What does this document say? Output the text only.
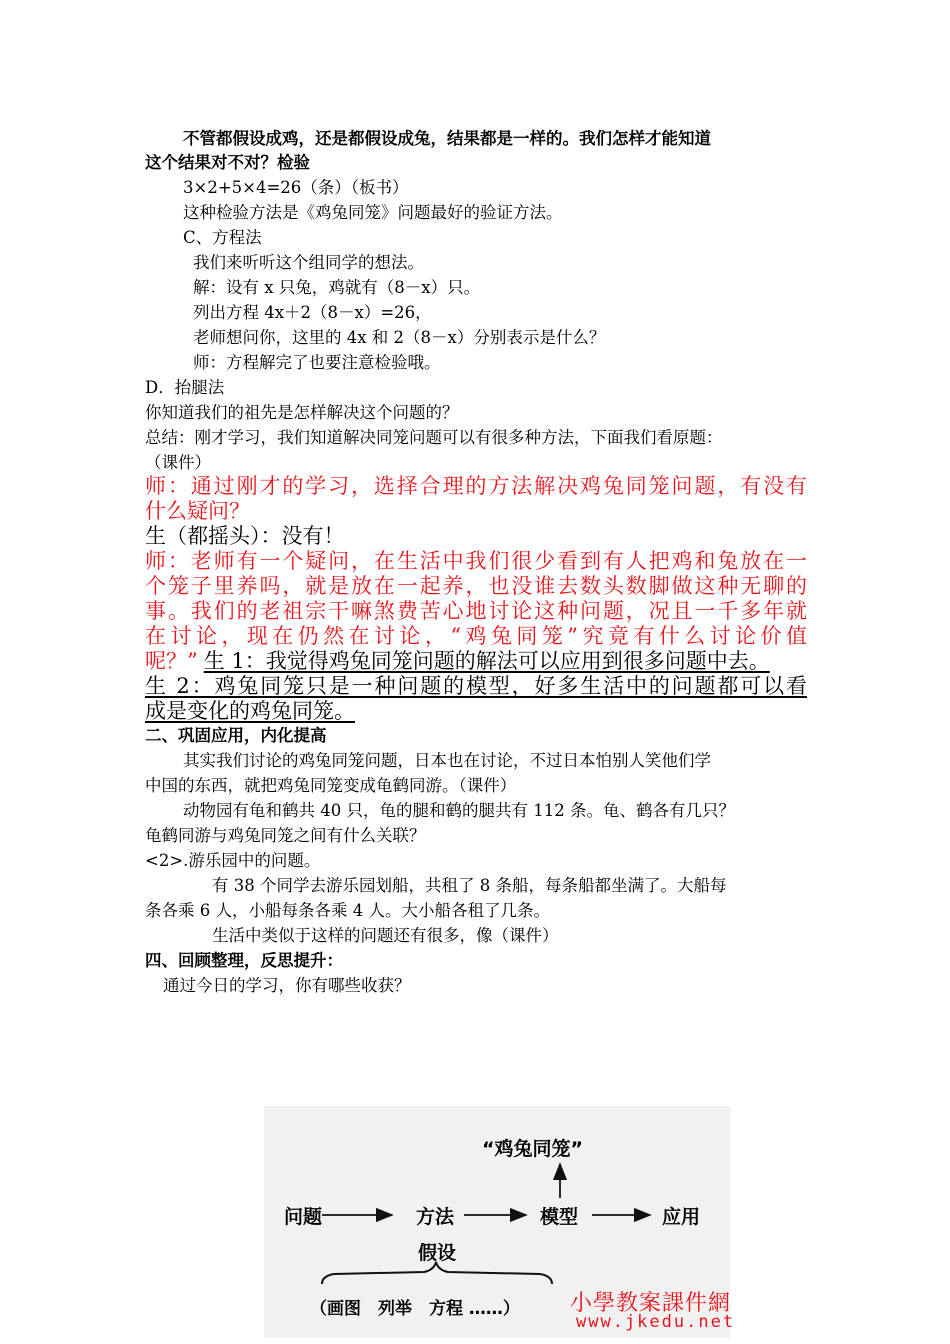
不管都假设成鸡，还是都假设成兔，结果都是一样的。我们怎样才能知道
这个结果对不对？检验
3×2+5×4=26（条）（板书）
这种检验方法是《鸡兔同笼》问题最好的验证方法。
C、方程法
我们来听听这个组同学的想法。
解：设有 x 只兔，鸡就有（8－x）只。
列出方程 4x＋2（8－x）=26，
老师想问你，这里的 4x 和 2（8－x）分别表示是什么？
师：方程解完了也要注意检验哦。
D．抬腿法
你知道我们的祖先是怎样解决这个问题的？
总结：刚才学习，我们知道解决同笼问题可以有很多种方法，下面我们看原题：
（课件）
师：通过刚才的学习，选择合理的方法解决鸡兔同笼问题，有没有
什么疑问？
生（都摇头）：没有！
师：老师有一个疑问，在生活中我们很少看到有人把鸡和兔放在一
个笼子里养吗，就是放在一起养，也没谁去数头数脚做这种无聊的
事。我们的老祖宗干嘛煞费苦心地讨论这种问题，况且一千多年就
在讨论，现在仍然在讨论，“鸡兔同笼”究竟有什么讨论价值
呢？” 生 1：我觉得鸡兔同笼问题的解法可以应用到很多问题中去。
生 2：鸡兔同笼只是一种问题的模型，好多生活中的问题都可以看
成是变化的鸡兔同笼。
二、巩固应用，内化提高
其实我们讨论的鸡兔同笼问题，日本也在讨论，不过日本怕别人笑他们学
中国的东西，就把鸡兔同笼变成龟鹤同游。（课件）
动物园有龟和鹤共 40 只，龟的腿和鹤的腿共有 112 条。龟、鹤各有几只？
龟鹤同游与鸡兔同笼之间有什么关联？
<2>.游乐园中的问题。
有 38 个同学去游乐园划船，共租了 8 条船，每条船都坐满了。大船每
条各乘 6 人，小船每条各乘 4 人。大小船各租了几条。
生活中类似于这样的问题还有很多，像（课件）
四、回顾整理，反思提升：
通过今日的学习，你有哪些收获？
“鸡兔同笼”
问题	方法	模型	应用
假设
（画图　列举　方程 ……） 小學教案課件網
www.jkedu.net
